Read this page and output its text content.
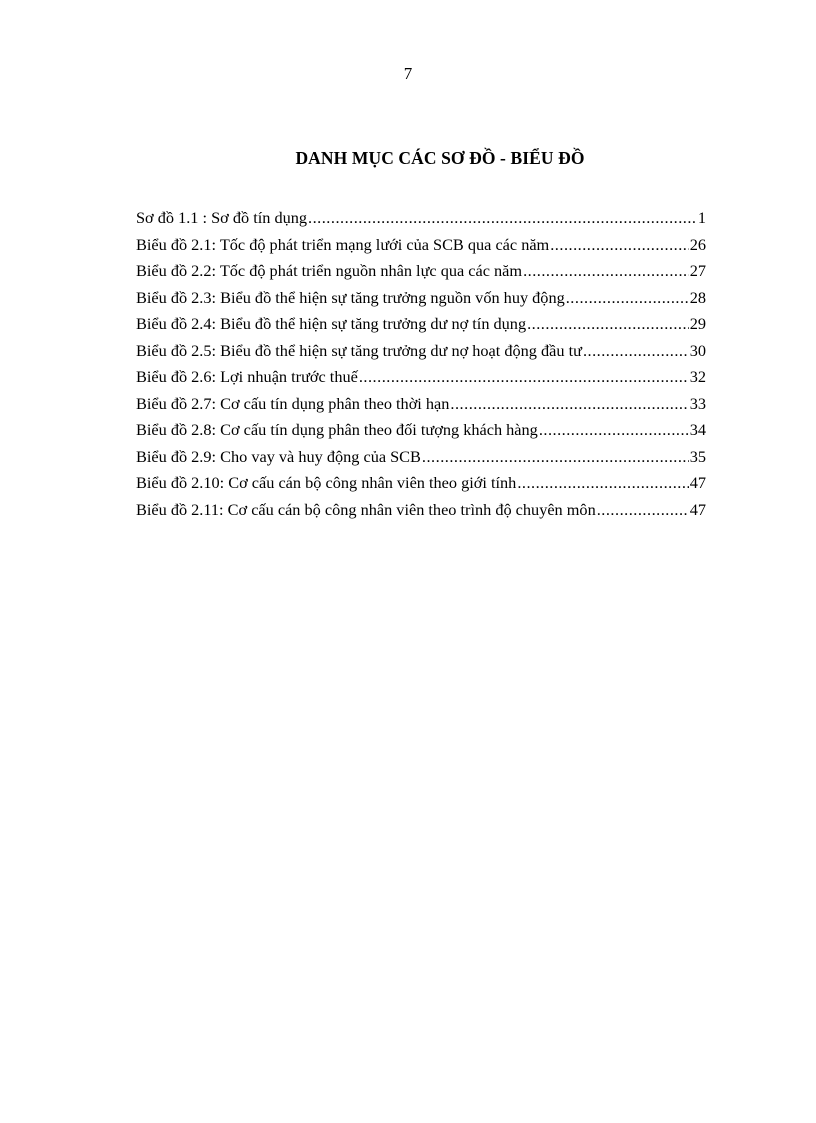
7
DANH MỤC CÁC SƠ ĐỒ - BIỂU ĐỒ
Sơ đồ 1.1 : Sơ đồ tín dụng .....	1
Biểu đồ 2.1: Tốc độ phát triển mạng lưới của SCB qua các năm .....	26
Biểu đồ 2.2: Tốc độ phát triển nguồn nhân lực qua các năm .....	27
Biểu đồ 2.3: Biểu đồ thể hiện sự tăng trưởng nguồn vốn huy động .....	28
Biểu đồ 2.4: Biểu đồ thể hiện sự tăng trưởng dư nợ tín dụng .....	29
Biểu đồ 2.5: Biểu đồ thể hiện sự tăng trưởng dư nợ hoạt động đầu tư .....	30
Biểu đồ 2.6: Lợi nhuận trước thuế .....	32
Biểu đồ 2.7: Cơ cấu tín dụng phân theo thời hạn .....	33
Biểu đồ 2.8: Cơ cấu tín dụng phân theo đối tượng khách hàng .....	34
Biểu đồ 2.9: Cho vay và huy động của SCB .....	35
Biểu đồ 2.10: Cơ cấu cán bộ công nhân viên theo giới tính .....	47
Biểu đồ 2.11: Cơ cấu cán bộ công nhân viên theo trình độ chuyên môn .....	47
